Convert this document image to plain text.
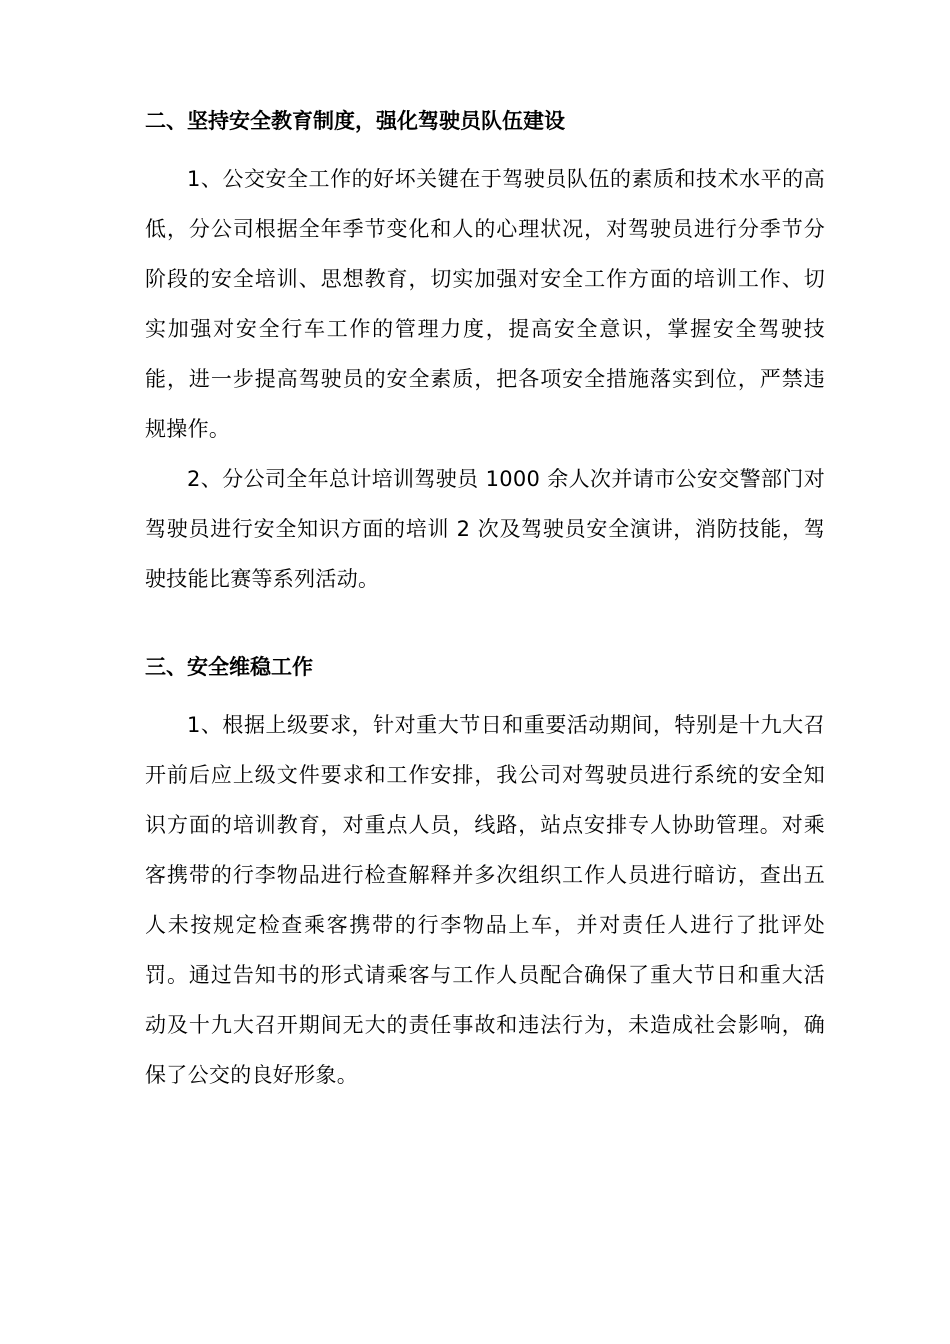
二、坚持安全教育制度，强化驾驶员队伍建设

1、公交安全工作的好坏关键在于驾驶员队伍的素质和技术水平的高低，分公司根据全年季节变化和人的心理状况，对驾驶员进行分季节分阶段的安全培训、思想教育，切实加强对安全工作方面的培训工作、切实加强对安全行车工作的管理力度，提高安全意识，掌握安全驾驶技能，进一步提高驾驶员的安全素质，把各项安全措施落实到位，严禁违规操作。

2、分公司全年总计培训驾驶员 1000 余人次并请市公安交警部门对驾驶员进行安全知识方面的培训 2 次及驾驶员安全演讲，消防技能，驾驶技能比赛等系列活动。

三、安全维稳工作

1、根据上级要求，针对重大节日和重要活动期间，特别是十九大召开前后应上级文件要求和工作安排，我公司对驾驶员进行系统的安全知识方面的培训教育，对重点人员，线路，站点安排专人协助管理。对乘客携带的行李物品进行检查解释并多次组织工作人员进行暗访，查出五人未按规定检查乘客携带的行李物品上车，并对责任人进行了批评处罚。通过告知书的形式请乘客与工作人员配合确保了重大节日和重大活动及十九大召开期间无大的责任事故和违法行为，未造成社会影响，确保了公交的良好形象。
